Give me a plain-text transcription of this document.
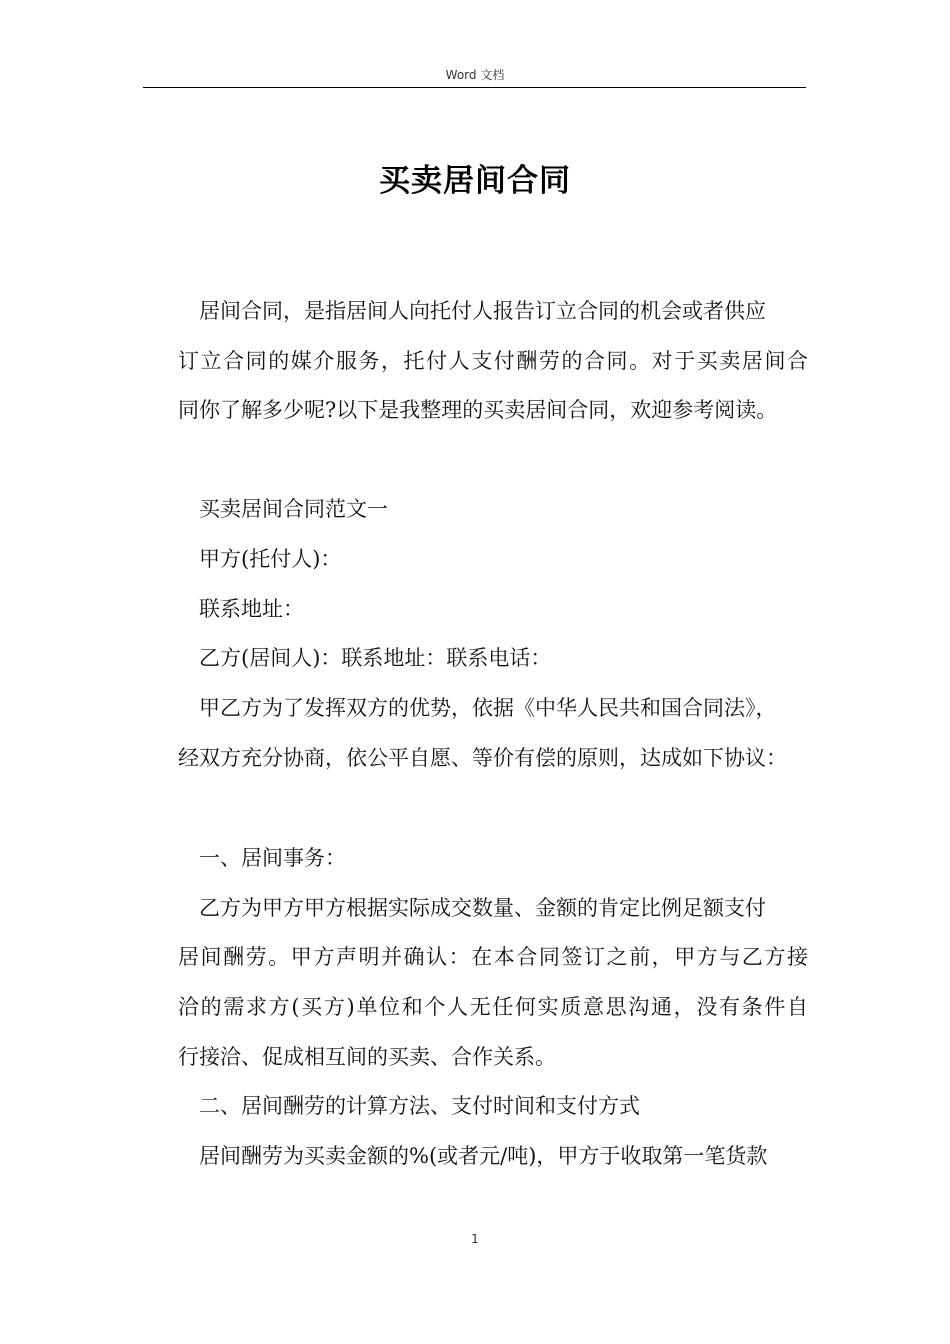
Word 文档
买卖居间合同
居间合同，是指居间人向托付人报告订立合同的机会或者供应
订立合同的媒介服务，托付人支付酬劳的合同。对于买卖居间合
同你了解多少呢?以下是我整理的买卖居间合同，欢迎参考阅读。
买卖居间合同范文一
甲方(托付人)：
联系地址：
乙方(居间人)：联系地址：联系电话：
甲乙方为了发挥双方的优势，依据《中华人民共和国合同法》，
经双方充分协商，依公平自愿、等价有偿的原则，达成如下协议：
一、居间事务：
乙方为甲方甲方根据实际成交数量、金额的肯定比例足额支付
居间酬劳。甲方声明并确认：在本合同签订之前，甲方与乙方接
洽的需求方(买方)单位和个人无任何实质意思沟通，没有条件自
行接洽、促成相互间的买卖、合作关系。
二、居间酬劳的计算方法、支付时间和支付方式
居间酬劳为买卖金额的%(或者元/吨)，甲方于收取第一笔货款
1
